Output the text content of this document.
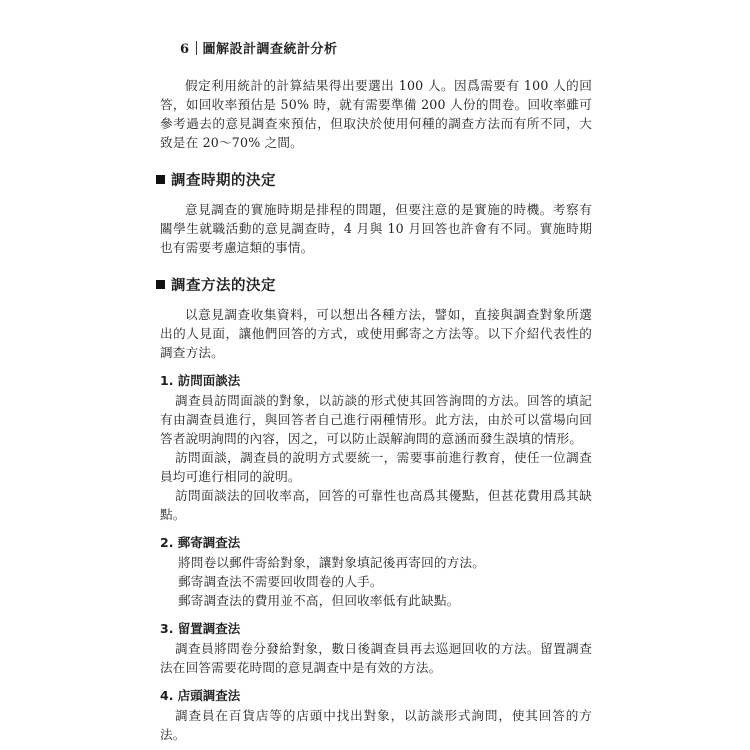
6 圖解設計調查統計分析

假定利用統計的計算結果得出要選出 100 人。因爲需要有 100 人的回答，如回收率預估是 50% 時，就有需要準備 200 人份的問卷。回收率雖可參考過去的意見調查來預估，但取決於使用何種的調查方法而有所不同，大致是在 20～70% 之間。

調查時期的決定

意見調查的實施時期是排程的問題，但要注意的是實施的時機。考察有關學生就職活動的意見調查時，4 月與 10 月回答也許會有不同。實施時期也有需要考慮這類的事情。

調查方法的決定

以意見調查收集資料，可以想出各種方法，譬如，直接與調查對象所選出的人見面，讓他們回答的方式，或使用郵寄之方法等。以下介紹代表性的調查方法。

1. 訪問面談法

調查員訪問面談的對象，以訪談的形式使其回答詢問的方法。回答的填記有由調查員進行，與回答者自己進行兩種情形。此方法，由於可以當場向回答者說明詢問的內容，因之，可以防止誤解詢問的意涵而發生誤填的情形。

訪問面談，調查員的說明方式要統一，需要事前進行教育，使任一位調查員均可進行相同的說明。

訪問面談法的回收率高，回答的可靠性也高爲其優點，但甚花費用爲其缺點。

2. 郵寄調查法

將問卷以郵件寄給對象，讓對象填記後再寄回的方法。

郵寄調查法不需要回收問卷的人手。

郵寄調查法的費用並不高，但回收率低有此缺點。

3. 留置調查法

調查員將問卷分發給對象，數日後調查員再去巡迴回收的方法。留置調查法在回答需要花時間的意見調查中是有效的方法。

4. 店頭調查法

調查員在百貨店等的店頭中找出對象，以訪談形式詢問，使其回答的方法。
